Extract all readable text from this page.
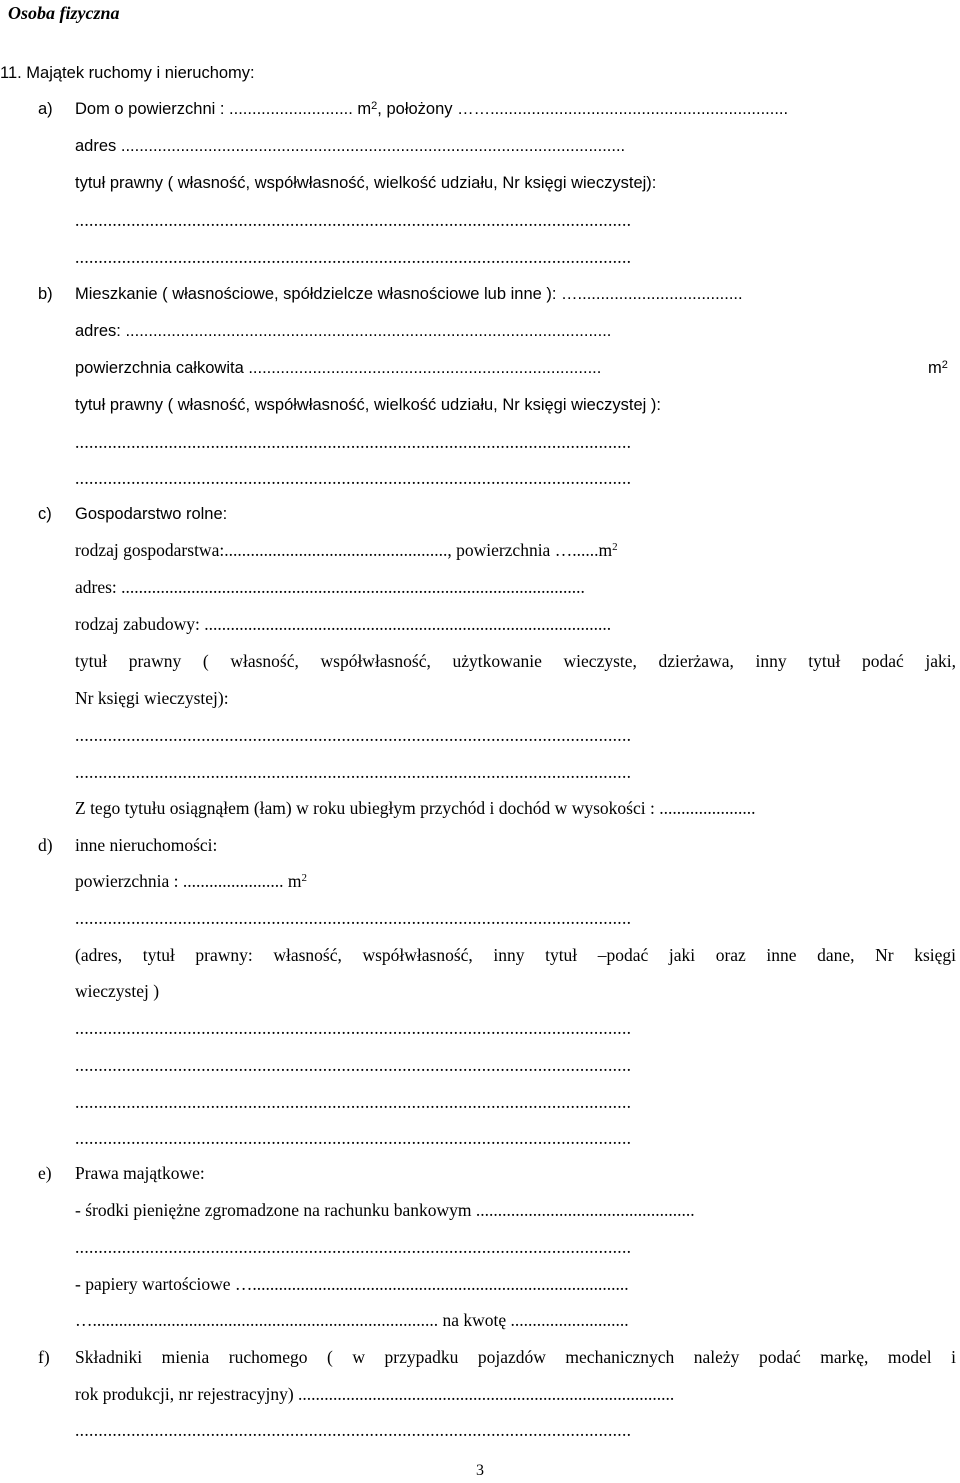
Osoba fizyczna
11. Majątek ruchomy i nieruchomy:
a) Dom o powierzchni : ........................... $m^2$, położony …….................................................................
adres ..............................................................................................................
tytuł prawny ( własność, współwłasność, wielkość udziału, Nr księgi wieczystej):
.......................................................................................................................
.......................................................................................................................
b) Mieszkanie ( własnościowe, spółdzielcze własnościowe lub inne ): …....................................
adres: ..........................................................................................................
powierzchnia całkowita .............................................................................	$m^2$
tytuł prawny ( własność, współwłasność, wielkość udziału, Nr księgi wieczystej ):
.......................................................................................................................
.......................................................................................................................
c) Gospodarstwo rolne:
rodzaj gospodarstwa:..................................................., powierzchnia $\dots......m^2$
adres: ..........................................................................................................
rodzaj zabudowy: .............................................................................................
tytuł prawny ( własność, współwłasność, użytkowanie wieczyste, dzierżawa, inny tytuł podać jaki,
Nr księgi wieczystej):
.......................................................................................................................
.......................................................................................................................
Z tego tytułu osiągnąłem (łam) w roku ubiegłym przychód i dochód w wysokości : ......................
d) inne nieruchomości:
powierzchnia : ....................... $m^2$
.......................................................................................................................
(adres, tytuł prawny: własność, współwłasność, inny tytuł –podać jaki oraz inne dane, Nr księgi
wieczystej )
.......................................................................................................................
.......................................................................................................................
.......................................................................................................................
.......................................................................................................................
e) Prawa majątkowe:
- środki pieniężne zgromadzone na rachunku bankowym ..................................................
.......................................................................................................................
- papiery wartościowe …......................................................................................
…............................................................................... na kwotę ...........................
f) Składniki mienia ruchomego ( w przypadku pojazdów mechanicznych należy podać markę, model i
rok produkcji, nr rejestracyjny) ......................................................................................
.......................................................................................................................
3
